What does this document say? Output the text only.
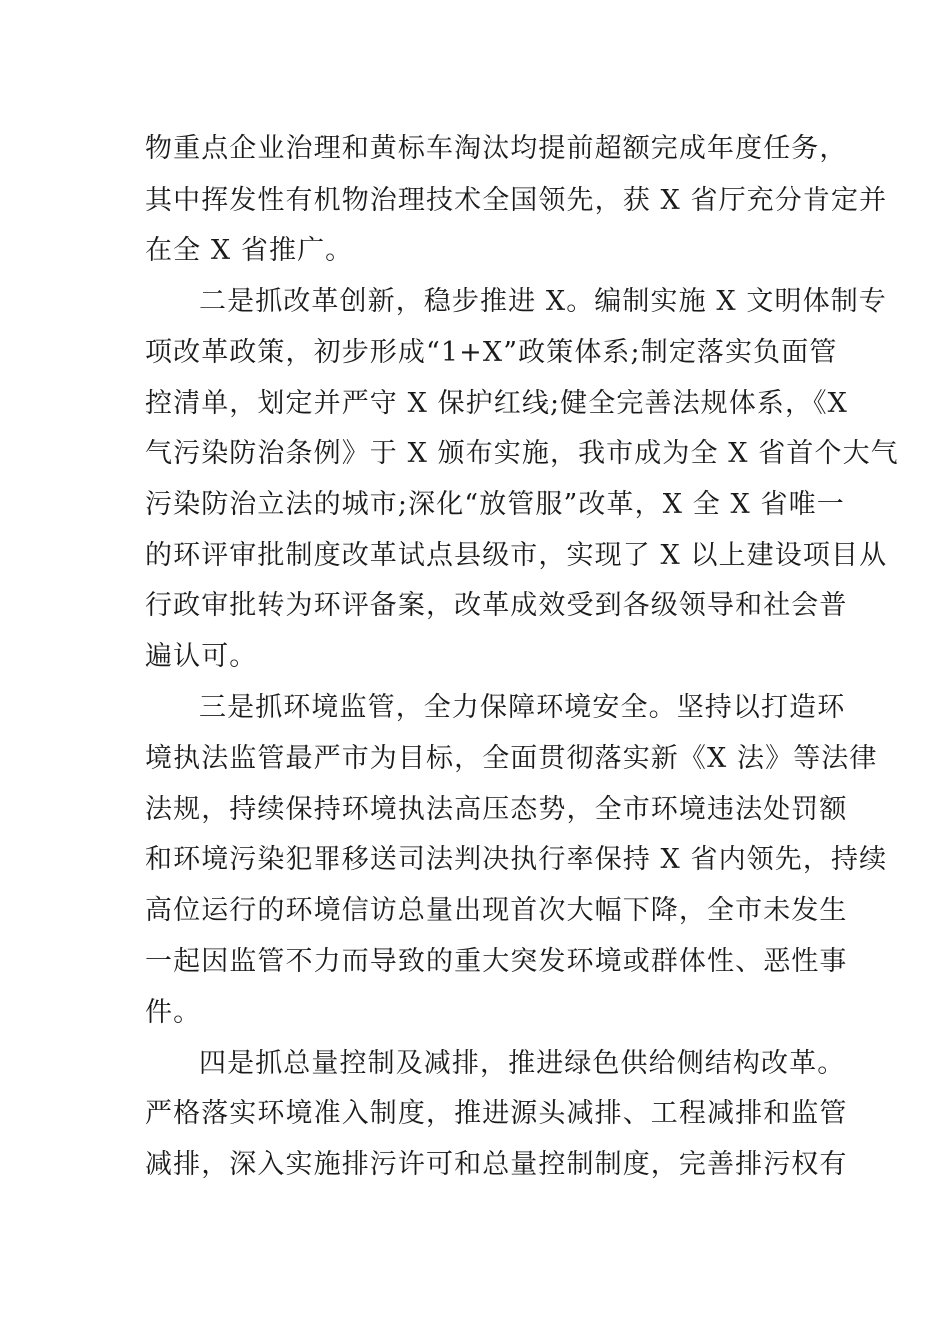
物重点企业治理和黄标车淘汰均提前超额完成年度任务，
其中挥发性有机物治理技术全国领先，获 X 省厅充分肯定并
在全 X 省推广。
二是抓改革创新，稳步推进 X。编制实施 X 文明体制专
项改革政策，初步形成“1+X”政策体系;制定落实负面管
控清单，划定并严守 X 保护红线;健全完善法规体系，《X
气污染防治条例》于 X 颁布实施，我市成为全 X 省首个大气
污染防治立法的城市;深化“放管服”改革，X 全 X 省唯一
的环评审批制度改革试点县级市，实现了 X 以上建设项目从
行政审批转为环评备案，改革成效受到各级领导和社会普
遍认可。
三是抓环境监管，全力保障环境安全。坚持以打造环
境执法监管最严市为目标，全面贯彻落实新《X 法》等法律
法规，持续保持环境执法高压态势，全市环境违法处罚额
和环境污染犯罪移送司法判决执行率保持 X 省内领先，持续
高位运行的环境信访总量出现首次大幅下降，全市未发生
一起因监管不力而导致的重大突发环境或群体性、恶性事
件。
四是抓总量控制及减排，推进绿色供给侧结构改革。
严格落实环境准入制度，推进源头减排、工程减排和监管
减排，深入实施排污许可和总量控制制度，完善排污权有
